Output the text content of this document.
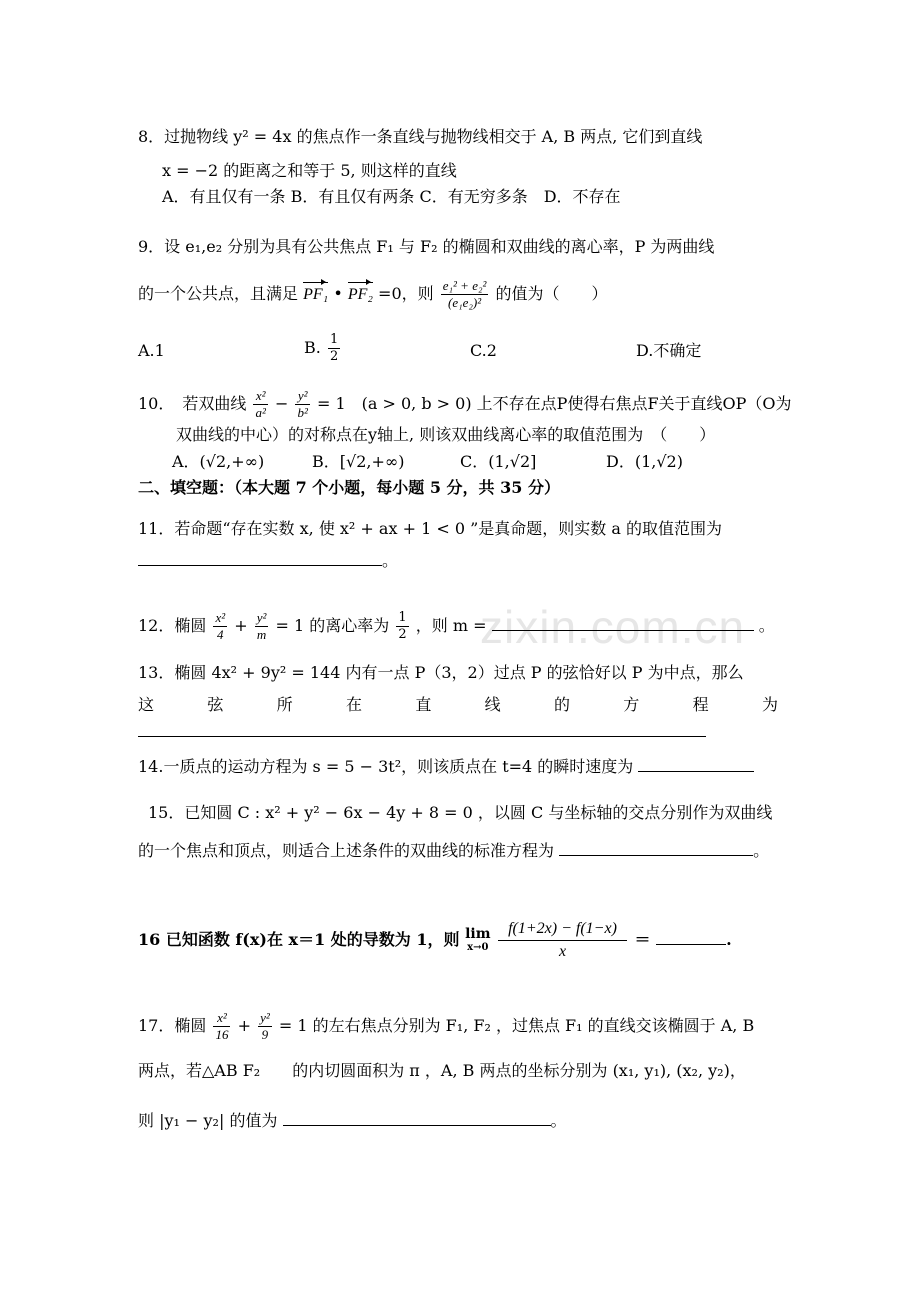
zixin.com.cn
8．过抛物线 y² = 4x 的焦点作一条直线与抛物线相交于 A, B 两点, 它们到直线
x = −2 的距离之和等于 5, 则这样的直线
A．有且仅有一条 B．有且仅有两条 C．有无穷多条　D．不存在
9．设 e₁,e₂ 分别为具有公共焦点 F₁ 与 F₂ 的椭圆和双曲线的离心率，P 为两曲线
的一个公共点，且满足 PF₁ • PF₂ =0，则 $\frac{\text{e₁² + e₂²}}{\text{(e₁e₂)²}}$ 的值为（　　）
A.1	B. $\frac{1}{2}$	C.2	D.不确定
10．　若双曲线 $\frac{\text{x²}}{\text{a²}} - \frac{\text{y²}}{\text{b²}} = 1$　(a > 0, b > 0) 上不存在点P使得右焦点F关于直线OP（O为
双曲线的中心）的对称点在y轴上, 则该双曲线离心率的取值范围为　（　　）
A．(√2,+∞)	B．[√2,+∞)	C．(1,√2]	D．(1,√2)
二、填空题：（本大题 7 个小题，每小题 5 分，共 35 分）
11．若命题“存在实数 x, 使 x² + ax + 1 < 0 ”是真命题，则实数 a 的取值范围为
。
12．椭圆 $\frac{\text{x²}}{4} + \frac{\text{y²}}{m} = 1$ 的离心率为 $\frac{1}{2}$ ，则 m =	。
13．椭圆 4x² + 9y² = 144 内有一点 P（3，2）过点 P 的弦恰好以 P 为中点，那么
这	弦	所	在	直	线	的	方	程	为
14.一质点的运动方程为 s = 5 − 3t²，则该质点在 t=4 的瞬时速度为
15．已知圆 C : x² + y² − 6x − 4y + 8 = 0 ，以圆 C 与坐标轴的交点分别作为双曲线
的一个焦点和顶点，则适合上述条件的双曲线的标准方程为	。
16 已知函数 f(x)在 x＝1 处的导数为 1，则 lim
x→0
$\frac{f(1+2x) - f(1-x)}{x}$ ＝	.
17．椭圆 $\frac{\text{x²}}{16} + \frac{\text{y²}}{9} = 1$ 的左右焦点分别为 F₁, F₂ ，过焦点 F₁ 的直线交该椭圆于 A, B
两点，若△AB F₂　　的内切圆面积为 π ，A, B 两点的坐标分别为 (x₁, y₁), (x₂, y₂)，
则 |y₁ − y₂| 的值为	。
